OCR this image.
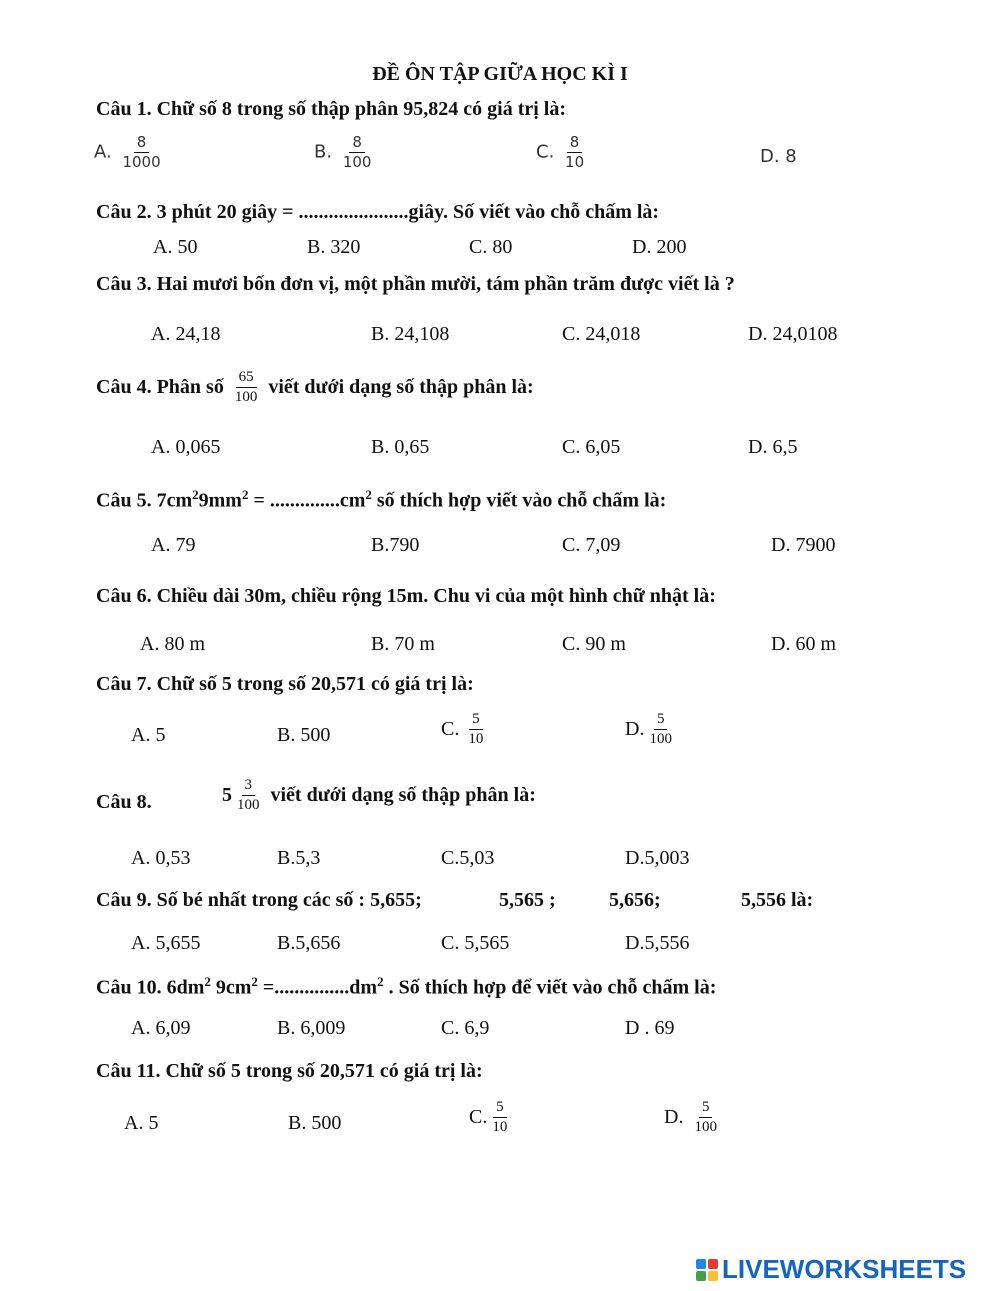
ĐỀ ÔN TẬP GIỮA HỌC KÌ I
Câu 1. Chữ số 8 trong số thập phân 95,824 có giá trị là:
A. $\frac{8}{1000}$	B. $\frac{8}{100}$	C. $\frac{8}{10}$	D. 8
Câu 2. 3 phút 20 giây = ......................giây. Số viết vào chỗ chấm là:
A. 50	B. 320	C. 80	D. 200
Câu 3. Hai mươi bốn đơn vị, một phần mười, tám phần trăm được viết là ?
A. 24,18	B. 24,108	C. 24,018	D. 24,0108
Câu 4. Phân số $\frac{65}{100}$ viết dưới dạng số thập phân là:
A. 0,065	B. 0,65	C. 6,05	D. 6,5
Câu 5. $7cm^29mm^2 = ..............cm^2$ số thích hợp viết vào chỗ chấm là:
A. 79	B.790	C. 7,09	D. 7900
Câu 6. Chiều dài 30m, chiều rộng 15m. Chu vi của một hình chữ nhật là:
A. 80 m	B. 70 m	C. 90 m	D. 60 m
Câu 7. Chữ số 5 trong số 20,571 có giá trị là:
A. 5	B. 500	C. $\frac{5}{10}$	D. $\frac{5}{100}$
Câu 8.	$5 \frac{3}{100}$ viết dưới dạng số thập phân là:
A. 0,53	B.5,3	C.5,03	D.5,003
Câu 9. Số bé nhất trong các số : 5,655;	5,565 ;	5,656;	5,556 là:
A. 5,655	B.5,656	C. 5,565	D.5,556
Câu 10. $6dm^2$ $9cm^2 =...............dm^2$ . Số thích hợp để viết vào chỗ chấm là:
A. 6,09	B. 6,009	C. 6,9	D . 69
Câu 11. Chữ số 5 trong số 20,571 có giá trị là:
A. 5	B. 500	C. $\frac{5}{10}$	D. $\frac{5}{100}$
LIVEWORKSHEETS
